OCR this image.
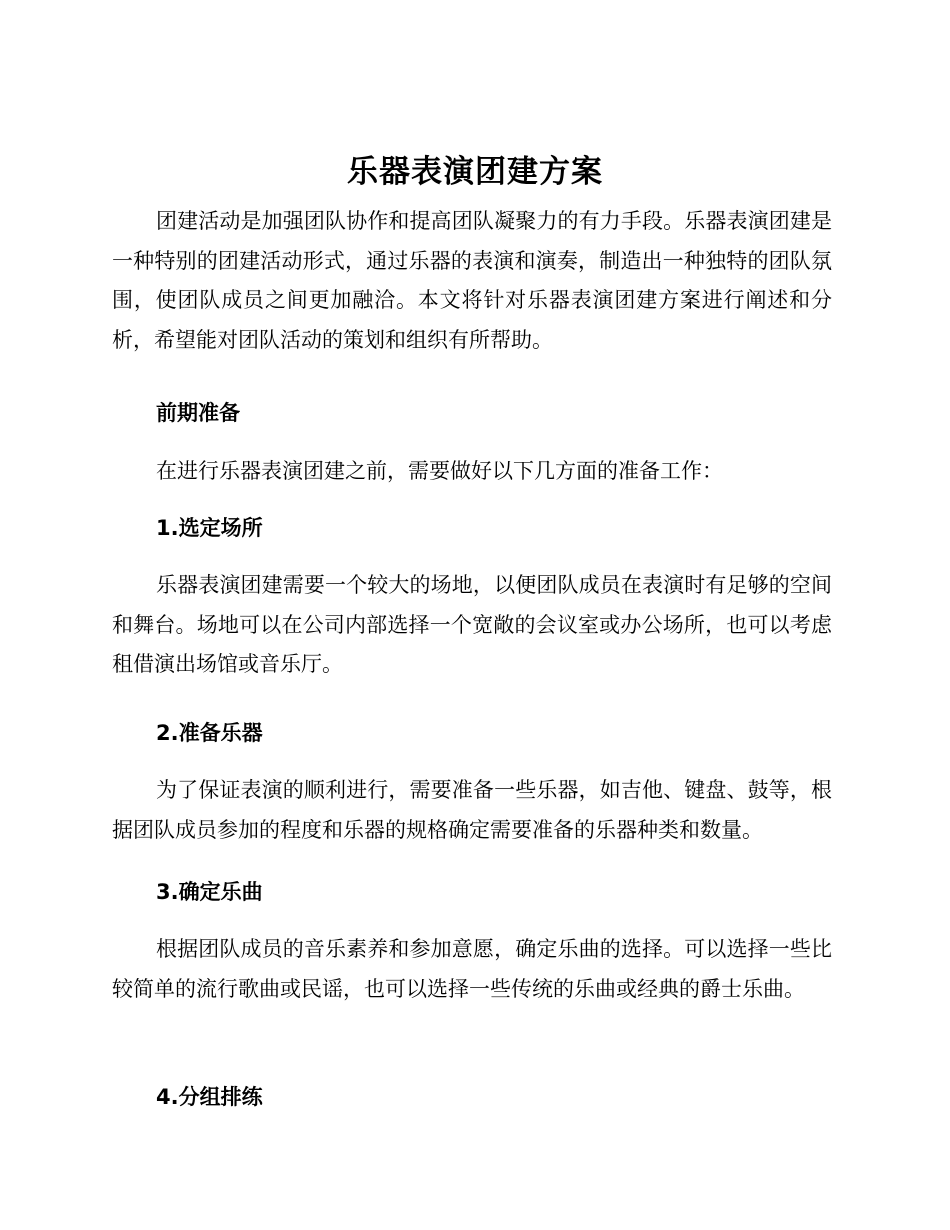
乐器表演团建方案

团建活动是加强团队协作和提高团队凝聚力的有力手段。乐器表演团建是一种特别的团建活动形式，通过乐器的表演和演奏，制造出一种独特的团队氛围，使团队成员之间更加融洽。本文将针对乐器表演团建方案进行阐述和分析，希望能对团队活动的策划和组织有所帮助。

前期准备

在进行乐器表演团建之前，需要做好以下几方面的准备工作：

1.选定场所

乐器表演团建需要一个较大的场地，以便团队成员在表演时有足够的空间和舞台。场地可以在公司内部选择一个宽敞的会议室或办公场所，也可以考虑租借演出场馆或音乐厅。

2.准备乐器

为了保证表演的顺利进行，需要准备一些乐器，如吉他、键盘、鼓等，根据团队成员参加的程度和乐器的规格确定需要准备的乐器种类和数量。

3.确定乐曲

根据团队成员的音乐素养和参加意愿，确定乐曲的选择。可以选择一些比较简单的流行歌曲或民谣，也可以选择一些传统的乐曲或经典的爵士乐曲。

4.分组排练
